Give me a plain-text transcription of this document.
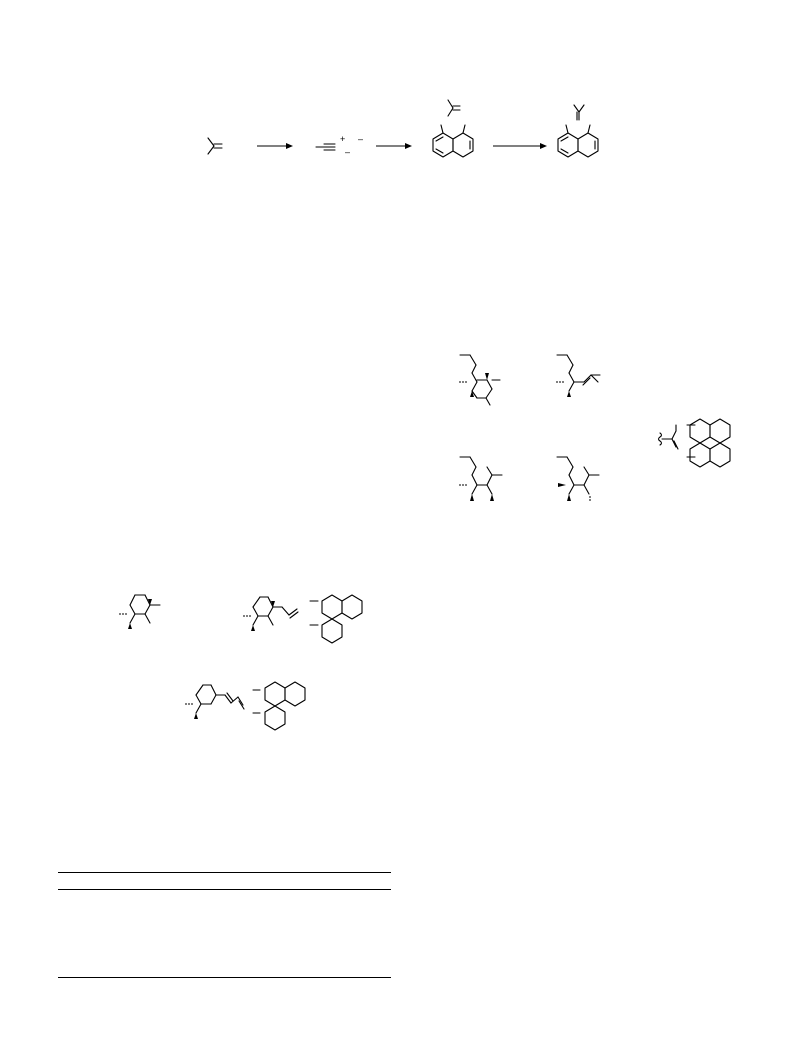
+
–
–
